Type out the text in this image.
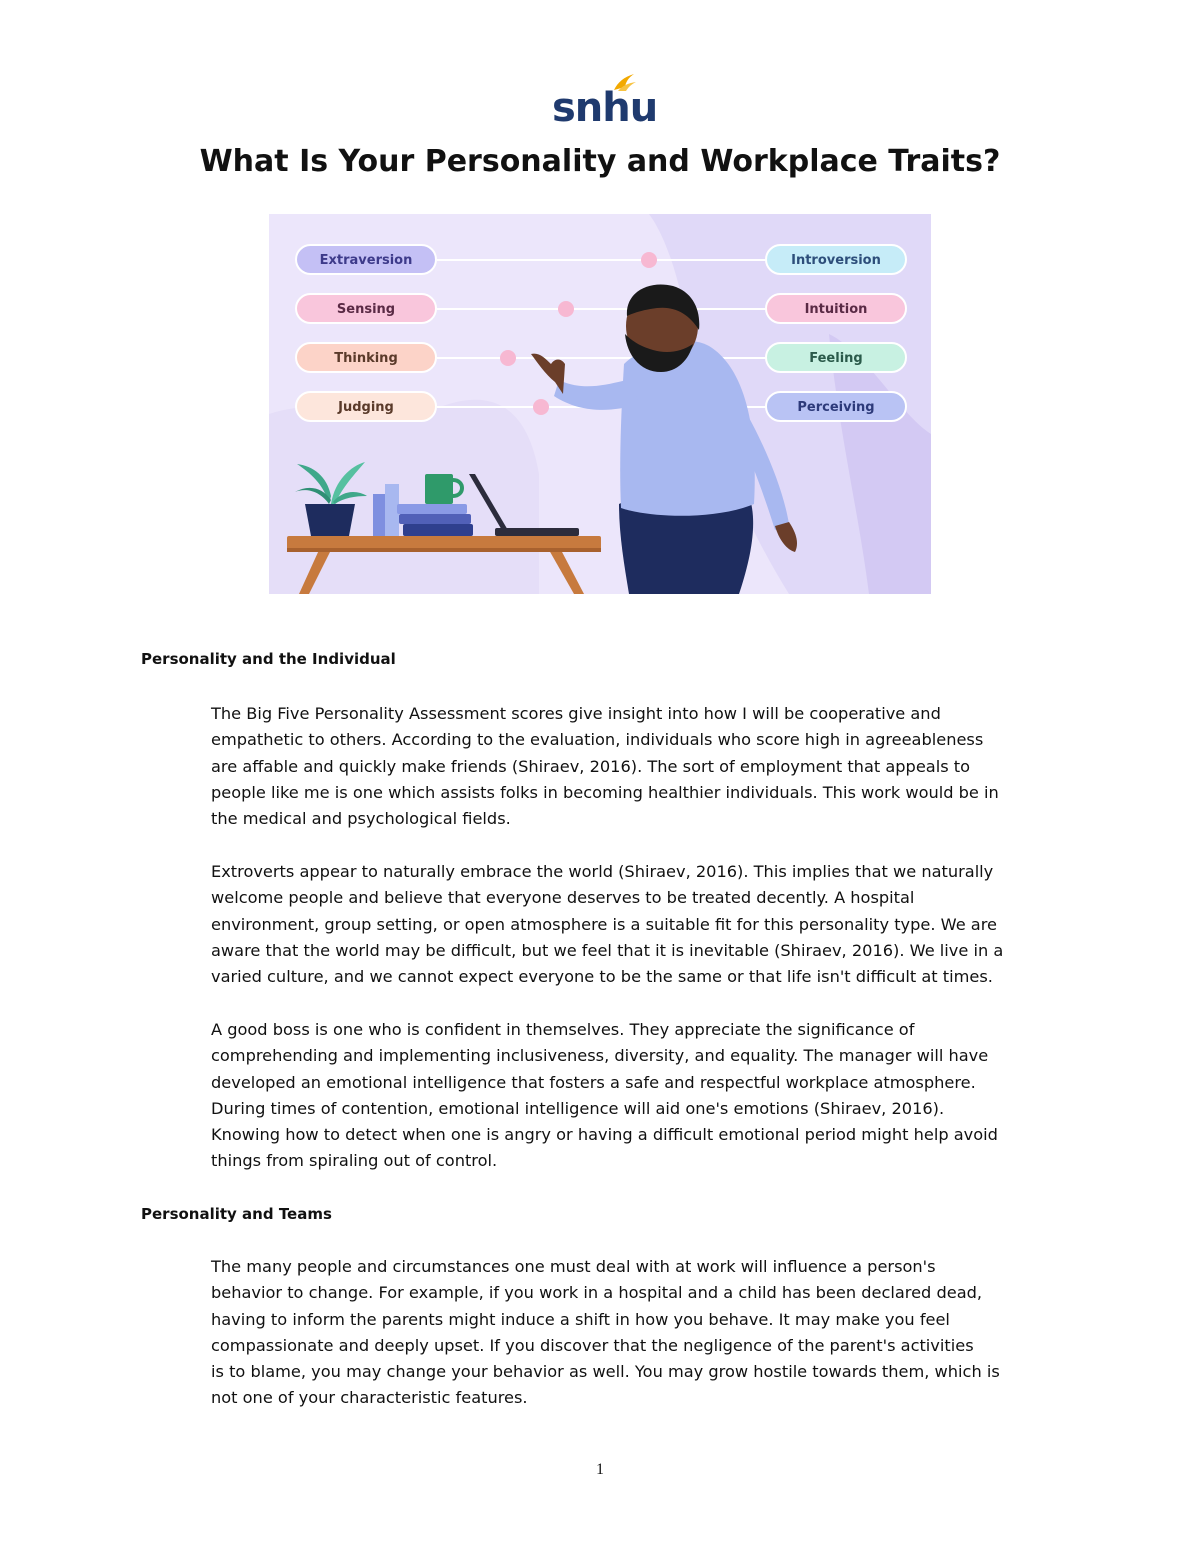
snhu
What Is Your Personality and Workplace Traits?
Extraversion	Introversion
Sensing	Intuition
Thinking	Feeling
Judging	Perceiving
Personality and the Individual

The Big Five Personality Assessment scores give insight into how I will be cooperative and
empathetic to others. According to the evaluation, individuals who score high in agreeableness
are affable and quickly make friends (Shiraev, 2016). The sort of employment that appeals to
people like me is one which assists folks in becoming healthier individuals. This work would be in
the medical and psychological fields.

Extroverts appear to naturally embrace the world (Shiraev, 2016). This implies that we naturally
welcome people and believe that everyone deserves to be treated decently. A hospital
environment, group setting, or open atmosphere is a suitable fit for this personality type. We are
aware that the world may be difficult, but we feel that it is inevitable (Shiraev, 2016). We live in a
varied culture, and we cannot expect everyone to be the same or that life isn't difficult at times.

A good boss is one who is confident in themselves. They appreciate the significance of
comprehending and implementing inclusiveness, diversity, and equality. The manager will have
developed an emotional intelligence that fosters a safe and respectful workplace atmosphere.
During times of contention, emotional intelligence will aid one's emotions (Shiraev, 2016).
Knowing how to detect when one is angry or having a difficult emotional period might help avoid
things from spiraling out of control.

Personality and Teams

The many people and circumstances one must deal with at work will influence a person's
behavior to change. For example, if you work in a hospital and a child has been declared dead,
having to inform the parents might induce a shift in how you behave. It may make you feel
compassionate and deeply upset. If you discover that the negligence of the parent's activities
is to blame, you may change your behavior as well. You may grow hostile towards them, which is
not one of your characteristic features.

1
